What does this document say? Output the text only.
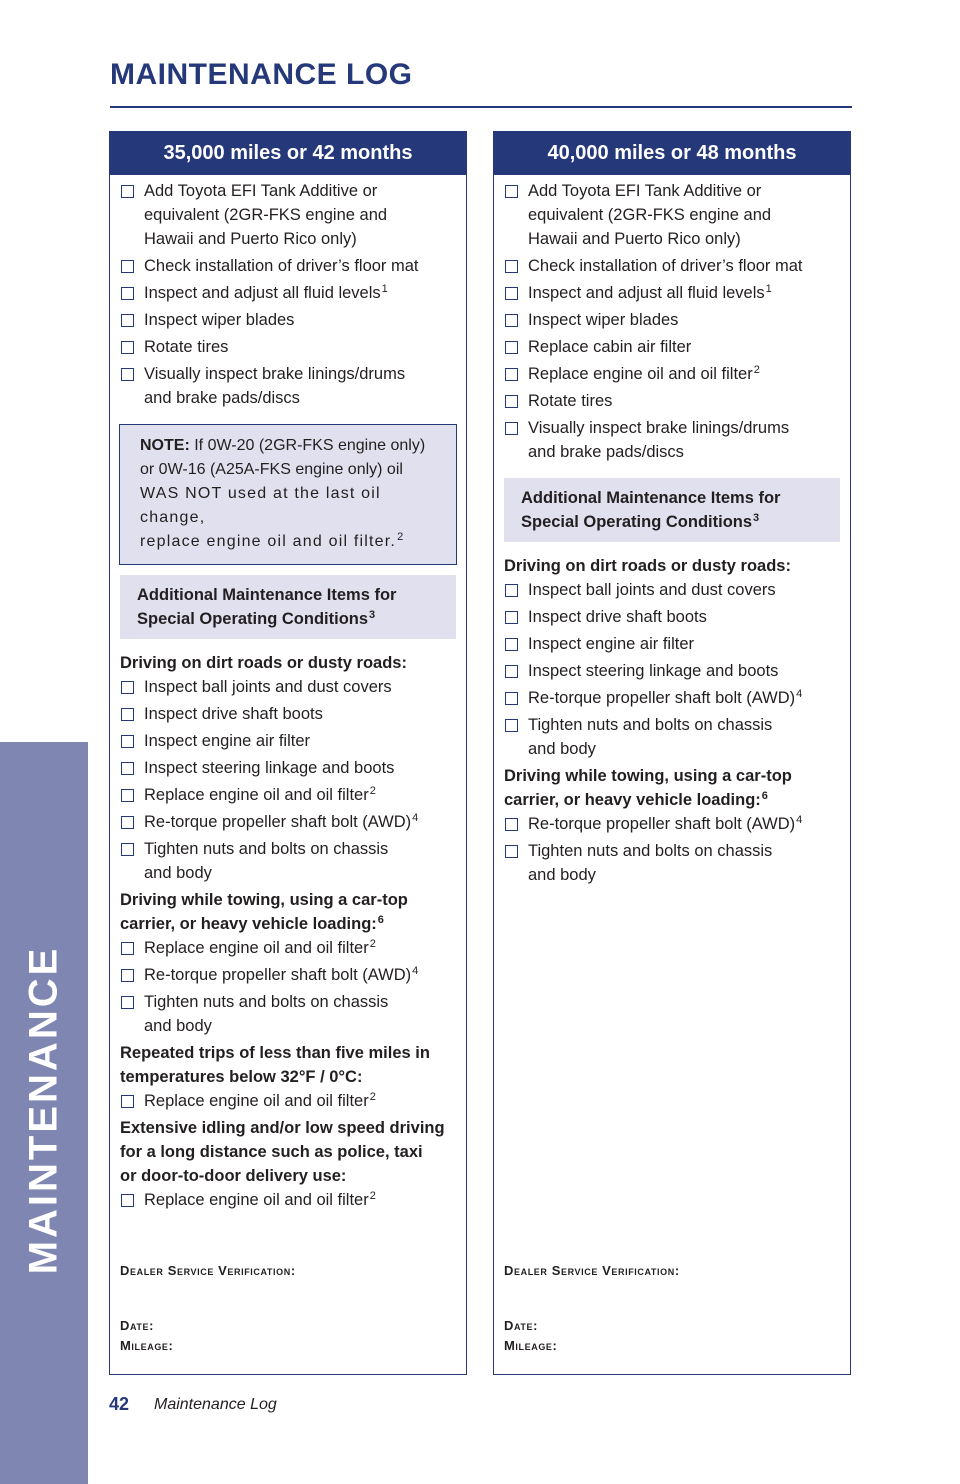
MAINTENANCE LOG
MAINTENANCE
35,000 miles or 42 months
Add Toyota EFI Tank Additive or
equivalent (2GR-FKS engine and
Hawaii and Puerto Rico only)
Check installation of driver’s floor mat
Inspect and adjust all fluid levels$^1$
Inspect wiper blades
Rotate tires
Visually inspect brake linings/drums
and brake pads/discs
NOTE: If 0W-20 (2GR-FKS engine only)
or 0W-16 (A25A-FKS engine only) oil
WAS NOT used at the last oil change,
replace engine oil and oil filter.$^2$
Additional Maintenance Items for
Special Operating Conditions$^3$
Driving on dirt roads or dusty roads:
Inspect ball joints and dust covers
Inspect drive shaft boots
Inspect engine air filter
Inspect steering linkage and boots
Replace engine oil and oil filter$^2$
Re-torque propeller shaft bolt (AWD)$^4$
Tighten nuts and bolts on chassis
and body
Driving while towing, using a car-top
carrier, or heavy vehicle loading:$^6$
Replace engine oil and oil filter$^2$
Re-torque propeller shaft bolt (AWD)$^4$
Tighten nuts and bolts on chassis
and body
Repeated trips of less than five miles in
temperatures below 32°F / 0°C:
Replace engine oil and oil filter$^2$
Extensive idling and/or low speed driving
for a long distance such as police, taxi
or door-to-door delivery use:
Replace engine oil and oil filter$^2$
Dealer Service Verification:
Date:
Mileage:
40,000 miles or 48 months
Add Toyota EFI Tank Additive or
equivalent (2GR-FKS engine and
Hawaii and Puerto Rico only)
Check installation of driver’s floor mat
Inspect and adjust all fluid levels$^1$
Inspect wiper blades
Replace cabin air filter
Replace engine oil and oil filter$^2$
Rotate tires
Visually inspect brake linings/drums
and brake pads/discs
Additional Maintenance Items for
Special Operating Conditions$^3$
Driving on dirt roads or dusty roads:
Inspect ball joints and dust covers
Inspect drive shaft boots
Inspect engine air filter
Inspect steering linkage and boots
Re-torque propeller shaft bolt (AWD)$^4$
Tighten nuts and bolts on chassis
and body
Driving while towing, using a car-top
carrier, or heavy vehicle loading:$^6$
Re-torque propeller shaft bolt (AWD)$^4$
Tighten nuts and bolts on chassis
and body
Dealer Service Verification:
Date:
Mileage:
42 Maintenance Log
